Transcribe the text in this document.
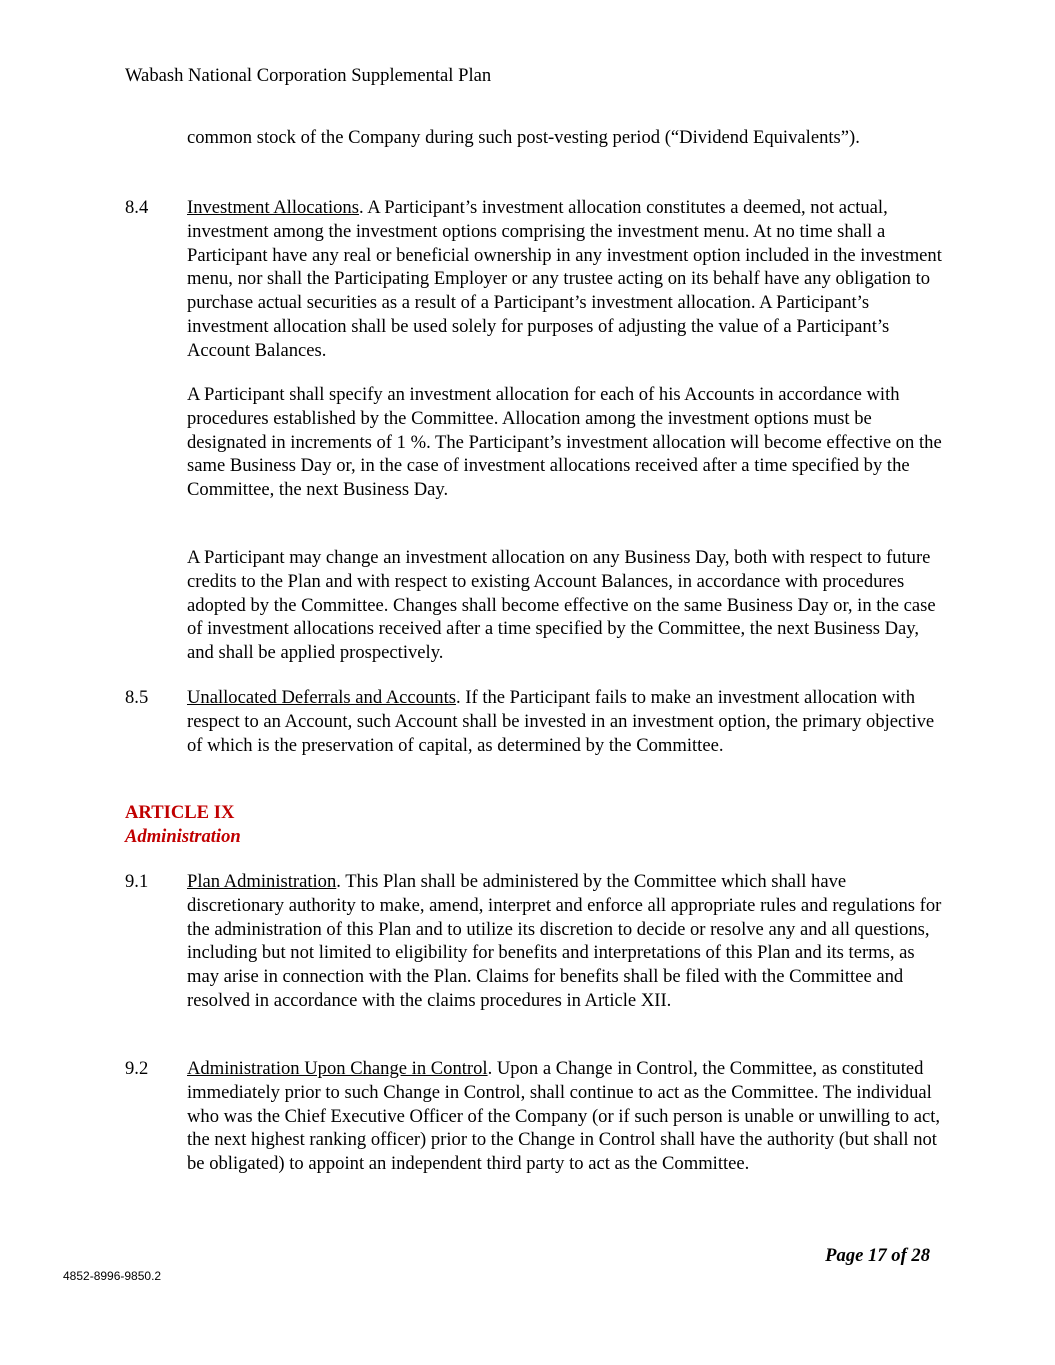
Wabash National Corporation Supplemental Plan

common stock of the Company during such post-vesting period (“Dividend Equivalents”).

8.4 Investment Allocations. A Participant’s investment allocation constitutes a deemed, not actual, investment among the investment options comprising the investment menu. At no time shall a Participant have any real or beneficial ownership in any investment option included in the investment menu, nor shall the Participating Employer or any trustee acting on its behalf have any obligation to purchase actual securities as a result of a Participant’s investment allocation. A Participant’s investment allocation shall be used solely for purposes of adjusting the value of a Participant’s Account Balances.

A Participant shall specify an investment allocation for each of his Accounts in accordance with procedures established by the Committee. Allocation among the investment options must be designated in increments of 1 %. The Participant’s investment allocation will become effective on the same Business Day or, in the case of investment allocations received after a time specified by the Committee, the next Business Day.

A Participant may change an investment allocation on any Business Day, both with respect to future credits to the Plan and with respect to existing Account Balances, in accordance with procedures adopted by the Committee. Changes shall become effective on the same Business Day or, in the case of investment allocations received after a time specified by the Committee, the next Business Day, and shall be applied prospectively.

8.5 Unallocated Deferrals and Accounts. If the Participant fails to make an investment allocation with respect to an Account, such Account shall be invested in an investment option, the primary objective of which is the preservation of capital, as determined by the Committee.

ARTICLE IX
Administration

9.1 Plan Administration. This Plan shall be administered by the Committee which shall have discretionary authority to make, amend, interpret and enforce all appropriate rules and regulations for the administration of this Plan and to utilize its discretion to decide or resolve any and all questions, including but not limited to eligibility for benefits and interpretations of this Plan and its terms, as may arise in connection with the Plan. Claims for benefits shall be filed with the Committee and resolved in accordance with the claims procedures in Article XII.

9.2 Administration Upon Change in Control. Upon a Change in Control, the Committee, as constituted immediately prior to such Change in Control, shall continue to act as the Committee. The individual who was the Chief Executive Officer of the Company (or if such person is unable or unwilling to act, the next highest ranking officer) prior to the Change in Control shall have the authority (but shall not be obligated) to appoint an independent third party to act as the Committee.

Page 17 of 28
4852-8996-9850.2
